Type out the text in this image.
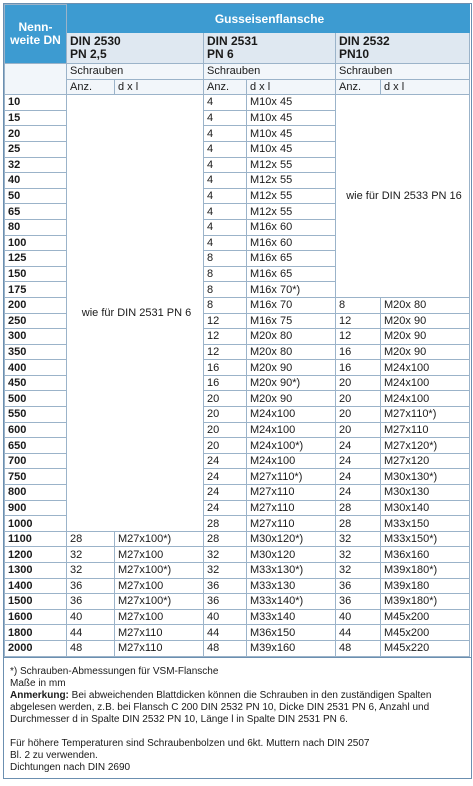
Nenn-weite DN	Gusseisenflansche					
	DIN 2530
PN 2,5		DIN 2531
PN 6		DIN 2532
PN10	
	Schrauben		Schrauben		Schrauben	
	Anz.	d x l	Anz.	d x l	Anz.	d x l
10	wie für DIN 2531 PN 6		4	M10x 45	wie für DIN 2533 PN 16	
15			4	M10x 45		
20			4	M10x 45		
25			4	M10x 45		
32			4	M12x 55		
40			4	M12x 55		
50			4	M12x 55		
65			4	M12x 55		
80			4	M16x 60		
100			4	M16x 60		
125			8	M16x 65		
150			8	M16x 65		
175			8	M16x 70*)		
200			8	M16x 70	8	M20x 80
250			12	M16x 75	12	M20x 90
300			12	M20x 80	12	M20x 90
350			12	M20x 80	16	M20x 90
400			16	M20x 90	16	M24x100
450			16	M20x 90*)	20	M24x100
500			20	M20x 90	20	M24x100
550			20	M24x100	20	M27x110*)
600			20	M24x100	20	M27x110
650			20	M24x100*)	24	M27x120*)
700			24	M24x100	24	M27x120
750			24	M27x110*)	24	M30x130*)
800			24	M27x110	24	M30x130
900			24	M27x110	28	M30x140
1000			28	M27x110	28	M33x150
1100	28	M27x100*)	28	M30x120*)	32	M33x150*)
1200	32	M27x100	32	M30x120	32	M36x160
1300	32	M27x100*)	32	M33x130*)	32	M39x180*)
1400	36	M27x100	36	M33x130	36	M39x180
1500	36	M27x100*)	36	M33x140*)	36	M39x180*)
1600	40	M27x100	40	M33x140	40	M45x200
1800	44	M27x110	44	M36x150	44	M45x200
2000	48	M27x110	48	M39x160	48	M45x220

*) Schrauben-Abmessungen für VSM-Flansche

Maße in mm

Anmerkung: Bei abweichenden Blattdicken können die Schrauben in den zuständigen Spalten abgelesen werden, z.B. bei Flansch C 200 DIN 2532 PN 10, Dicke DIN 2531 PN 6, Anzahl und Durchmesser d in Spalte DIN 2532 PN 10, Länge l in Spalte DIN 2531 PN 6.

Für höhere Temperaturen sind Schraubenbolzen und 6kt. Muttern nach DIN 2507

Bl. 2 zu verwenden.

Dichtungen nach DIN 2690
